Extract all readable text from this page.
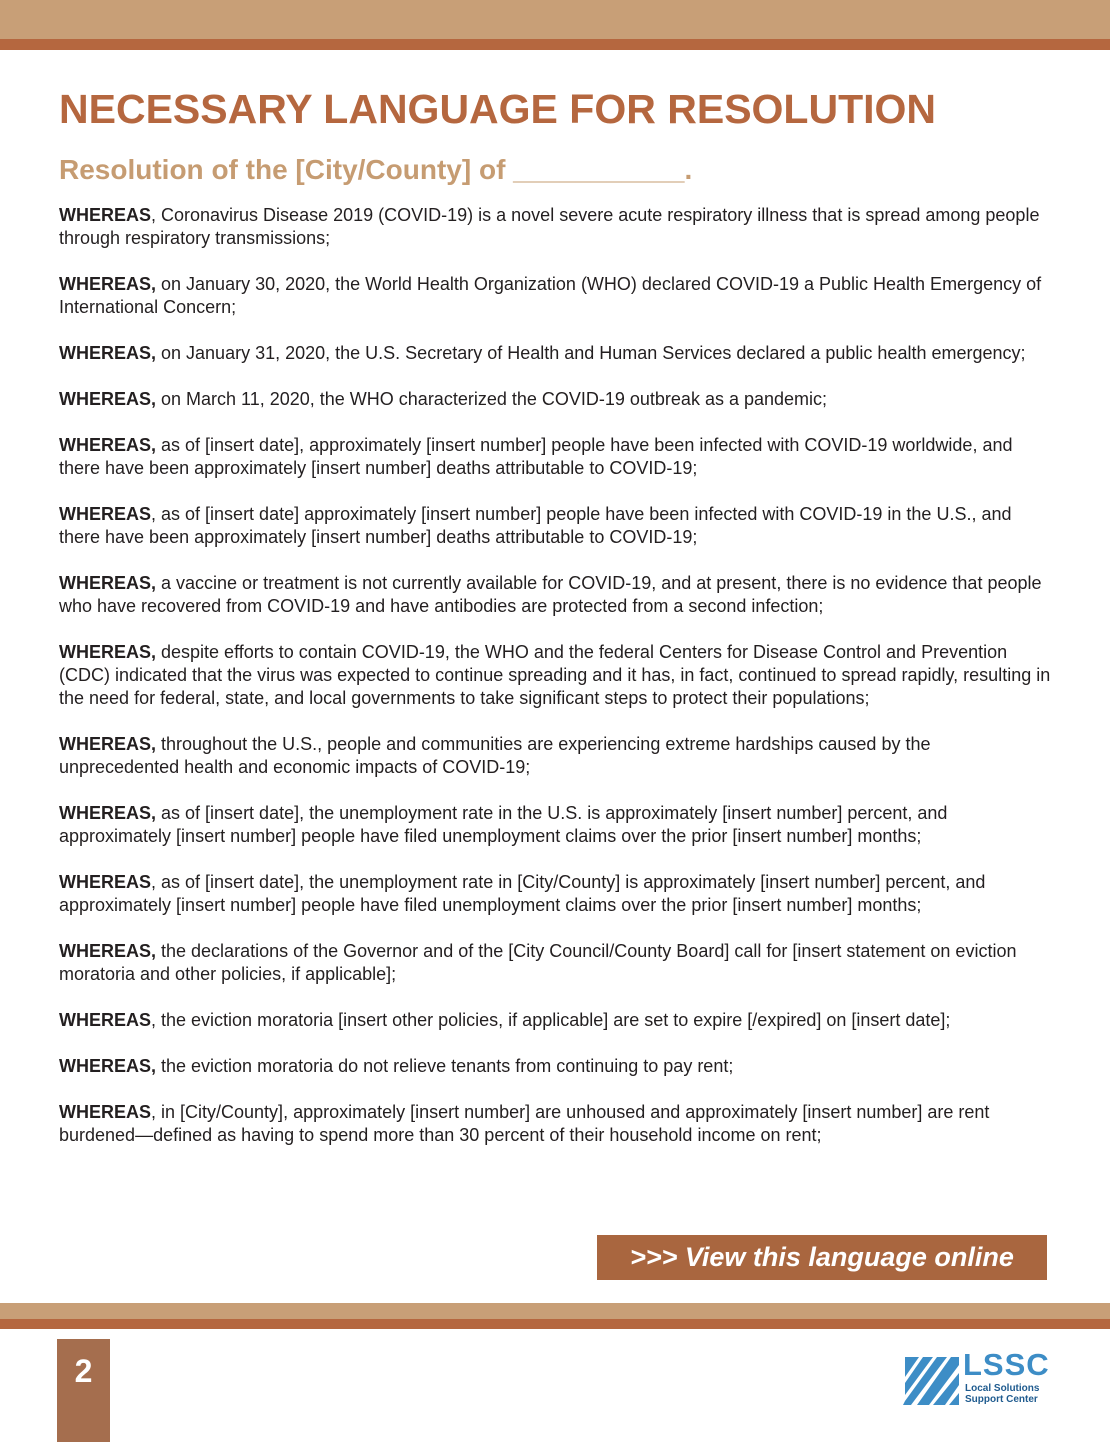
NECESSARY LANGUAGE FOR RESOLUTION
Resolution of the [City/County] of ___________.

WHEREAS, Coronavirus Disease 2019 (COVID-19) is a novel severe acute respiratory illness that is spread among people through respiratory transmissions;

WHEREAS, on January 30, 2020, the World Health Organization (WHO) declared COVID-19 a Public Health Emergency of International Concern;

WHEREAS, on January 31, 2020, the U.S. Secretary of Health and Human Services declared a public health emergency;

WHEREAS, on March 11, 2020, the WHO characterized the COVID-19 outbreak as a pandemic;

WHEREAS, as of [insert date], approximately [insert number] people have been infected with COVID-19 worldwide, and there have been approximately [insert number] deaths attributable to COVID-19;

WHEREAS, as of [insert date] approximately [insert number] people have been infected with COVID-19 in the U.S., and there have been approximately [insert number] deaths attributable to COVID-19;

WHEREAS, a vaccine or treatment is not currently available for COVID-19, and at present, there is no evidence that people who have recovered from COVID-19 and have antibodies are protected from a second infection;

WHEREAS, despite efforts to contain COVID-19, the WHO and the federal Centers for Disease Control and Prevention (CDC) indicated that the virus was expected to continue spreading and it has, in fact, continued to spread rapidly, resulting in the need for federal, state, and local governments to take significant steps to protect their populations;

WHEREAS, throughout the U.S., people and communities are experiencing extreme hardships caused by the unprecedented health and economic impacts of COVID-19;

WHEREAS, as of [insert date], the unemployment rate in the U.S. is approximately [insert number] percent, and approximately [insert number] people have filed unemployment claims over the prior [insert number] months;

WHEREAS, as of [insert date], the unemployment rate in [City/County] is approximately [insert number] percent, and approximately [insert number] people have filed unemployment claims over the prior [insert number] months;

WHEREAS, the declarations of the Governor and of the [City Council/County Board] call for [insert statement on eviction moratoria and other policies, if applicable];

WHEREAS, the eviction moratoria [insert other policies, if applicable] are set to expire [/expired] on [insert date];

WHEREAS, the eviction moratoria do not relieve tenants from continuing to pay rent;

WHEREAS, in [City/County], approximately [insert number] are unhoused and approximately [insert number] are rent burdened—defined as having to spend more than 30 percent of their household income on rent;

>>> View this language online
2	LSSC
Local Solutions
Support Center
